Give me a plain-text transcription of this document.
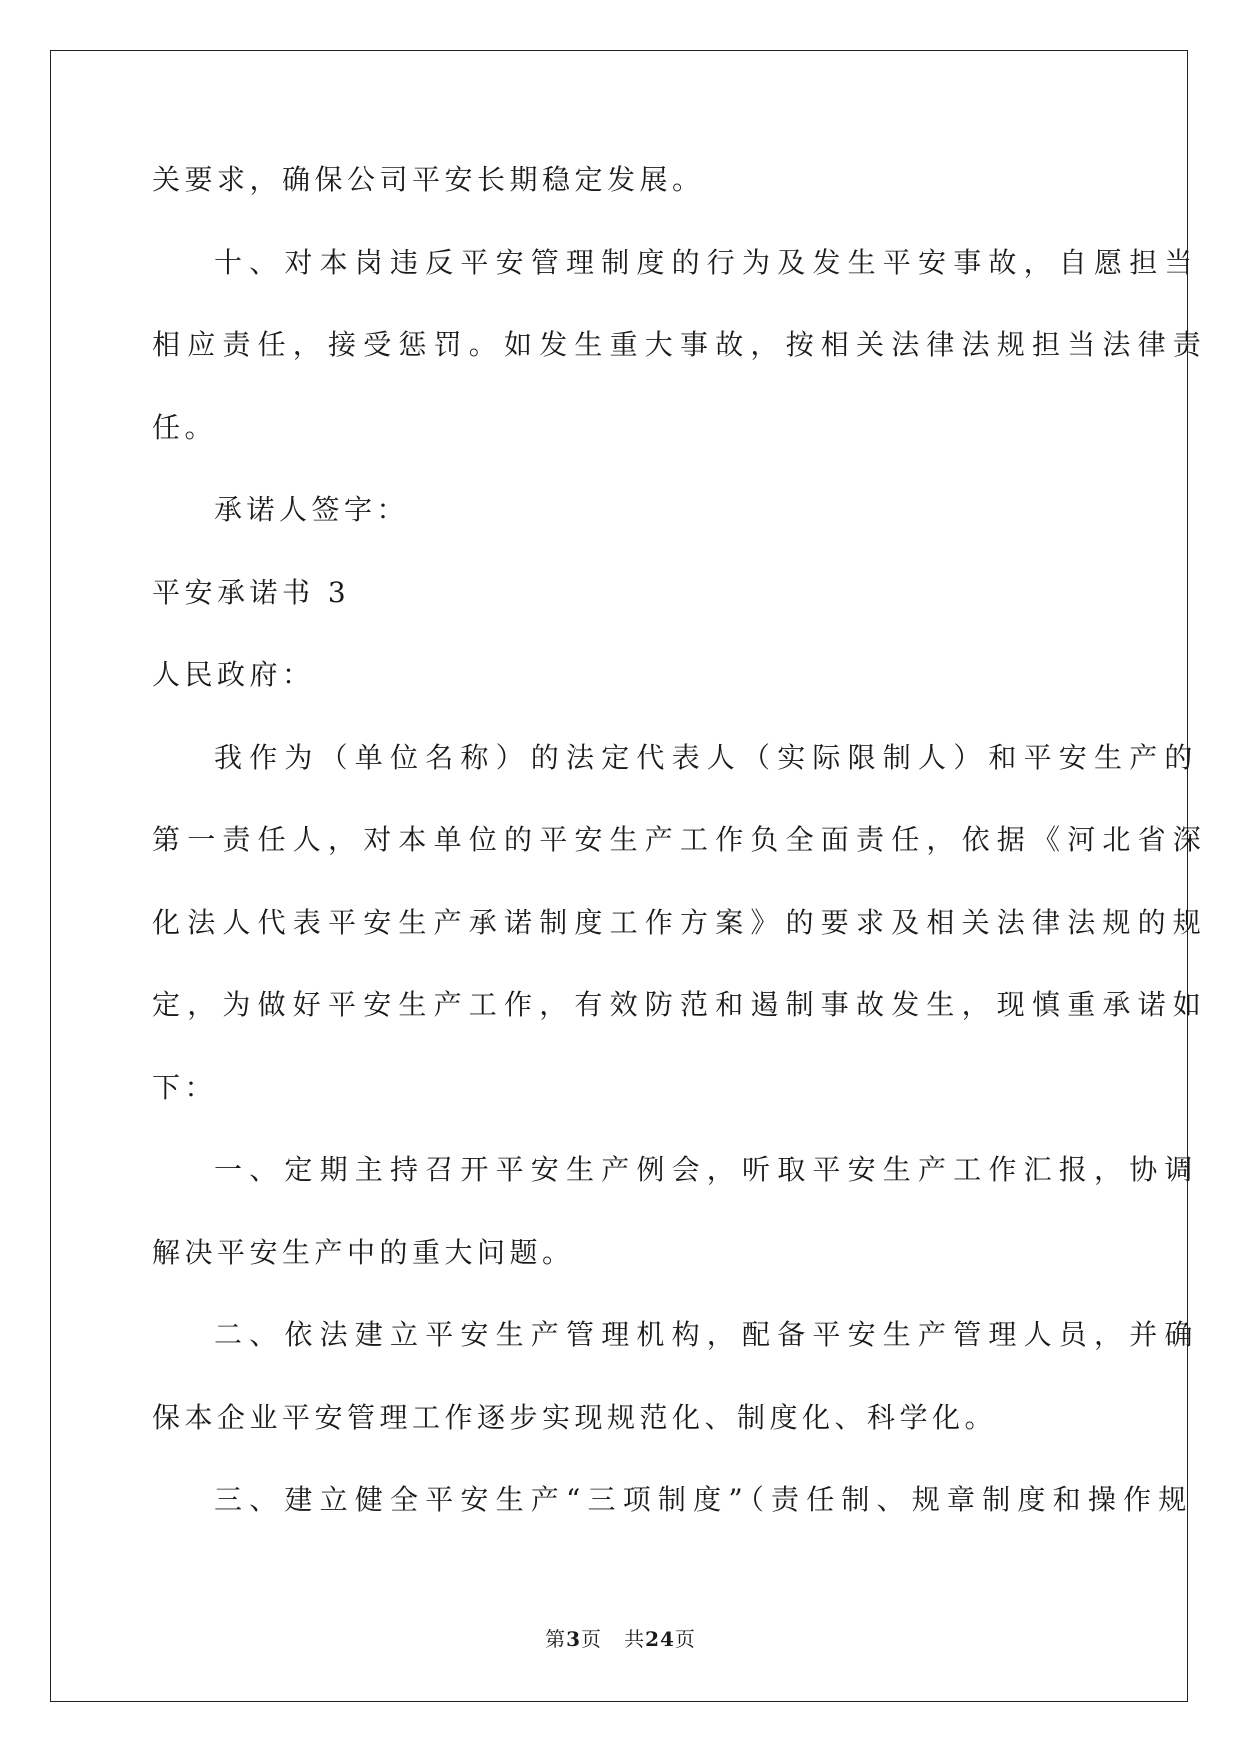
关要求，确保公司平安长期稳定发展。
十、对本岗违反平安管理制度的行为及发生平安事故，自愿担当
相应责任，接受惩罚。如发生重大事故，按相关法律法规担当法律责
任。
承诺人签字：
平安承诺书 3
人民政府：
我作为（单位名称）的法定代表人（实际限制人）和平安生产的
第一责任人，对本单位的平安生产工作负全面责任，依据《河北省深
化法人代表平安生产承诺制度工作方案》的要求及相关法律法规的规
定，为做好平安生产工作，有效防范和遏制事故发生，现慎重承诺如
下：
一、定期主持召开平安生产例会，听取平安生产工作汇报，协调
解决平安生产中的重大问题。
二、依法建立平安生产管理机构，配备平安生产管理人员，并确
保本企业平安管理工作逐步实现规范化、制度化、科学化。
三、建立健全平安生产“三项制度”（责任制、规章制度和操作规
第3页 共24页
